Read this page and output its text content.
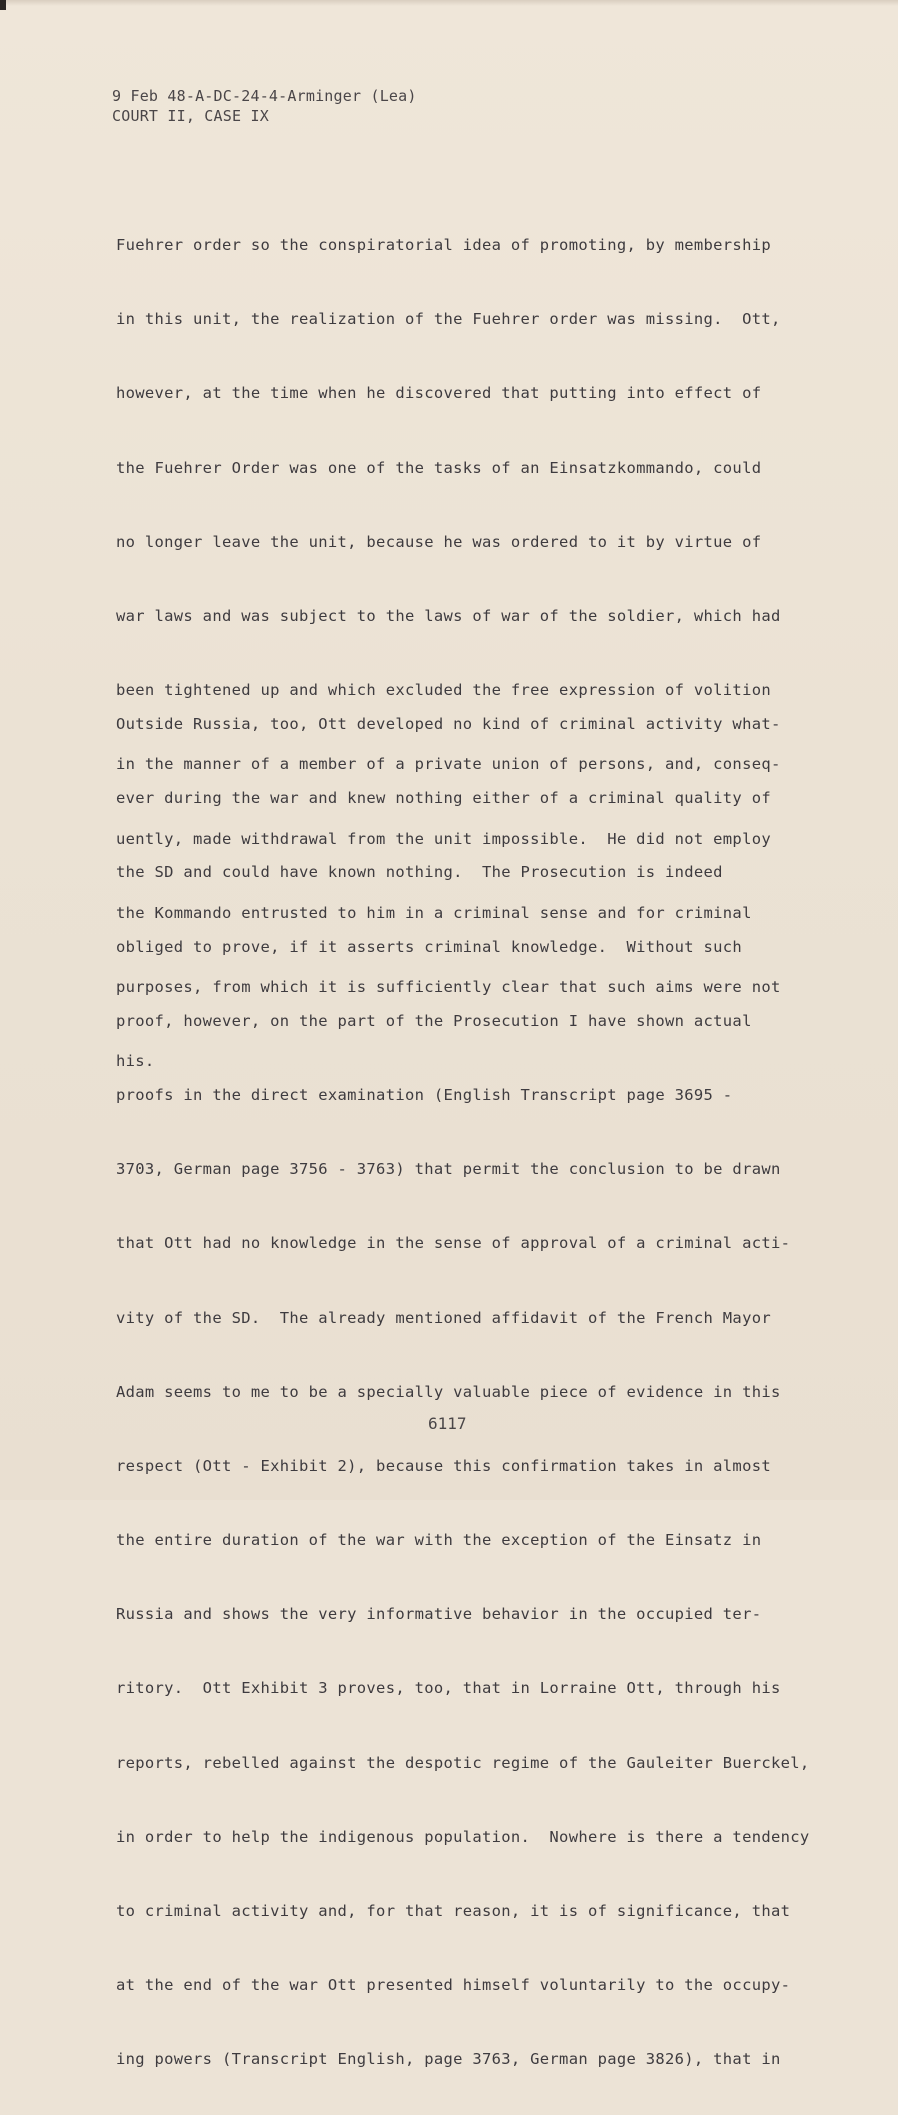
9 Feb 48-A-DC-24-4-Arminger (Lea)
COURT II, CASE IX

Fuehrer order so the conspiratorial idea of promoting, by membership

in this unit, the realization of the Fuehrer order was missing.  Ott,

however, at the time when he discovered that putting into effect of

the Fuehrer Order was one of the tasks of an Einsatzkommando, could

no longer leave the unit, because he was ordered to it by virtue of

war laws and was subject to the laws of war of the soldier, which had

been tightened up and which excluded the free expression of volition

in the manner of a member of a private union of persons, and, conseq-

uently, made withdrawal from the unit impossible.  He did not employ

the Kommando entrusted to him in a criminal sense and for criminal

purposes, from which it is sufficiently clear that such aims were not

his.

Outside Russia, too, Ott developed no kind of criminal activity what-

ever during the war and knew nothing either of a criminal quality of

the SD and could have known nothing.  The Prosecution is indeed

obliged to prove, if it asserts criminal knowledge.  Without such

proof, however, on the part of the Prosecution I have shown actual

proofs in the direct examination (English Transcript page 3695 -

3703, German page 3756 - 3763) that permit the conclusion to be drawn

that Ott had no knowledge in the sense of approval of a criminal acti-

vity of the SD.  The already mentioned affidavit of the French Mayor

Adam seems to me to be a specially valuable piece of evidence in this

respect (Ott - Exhibit 2), because this confirmation takes in almost

the entire duration of the war with the exception of the Einsatz in

Russia and shows the very informative behavior in the occupied ter-

ritory.  Ott Exhibit 3 proves, too, that in Lorraine Ott, through his

reports, rebelled against the despotic regime of the Gauleiter Buerckel,

in order to help the indigenous population.  Nowhere is there a tendency

to criminal activity and, for that reason, it is of significance, that

at the end of the war Ott presented himself voluntarily to the occupy-

ing powers (Transcript English, page 3763, German page 3826), that in

6117
